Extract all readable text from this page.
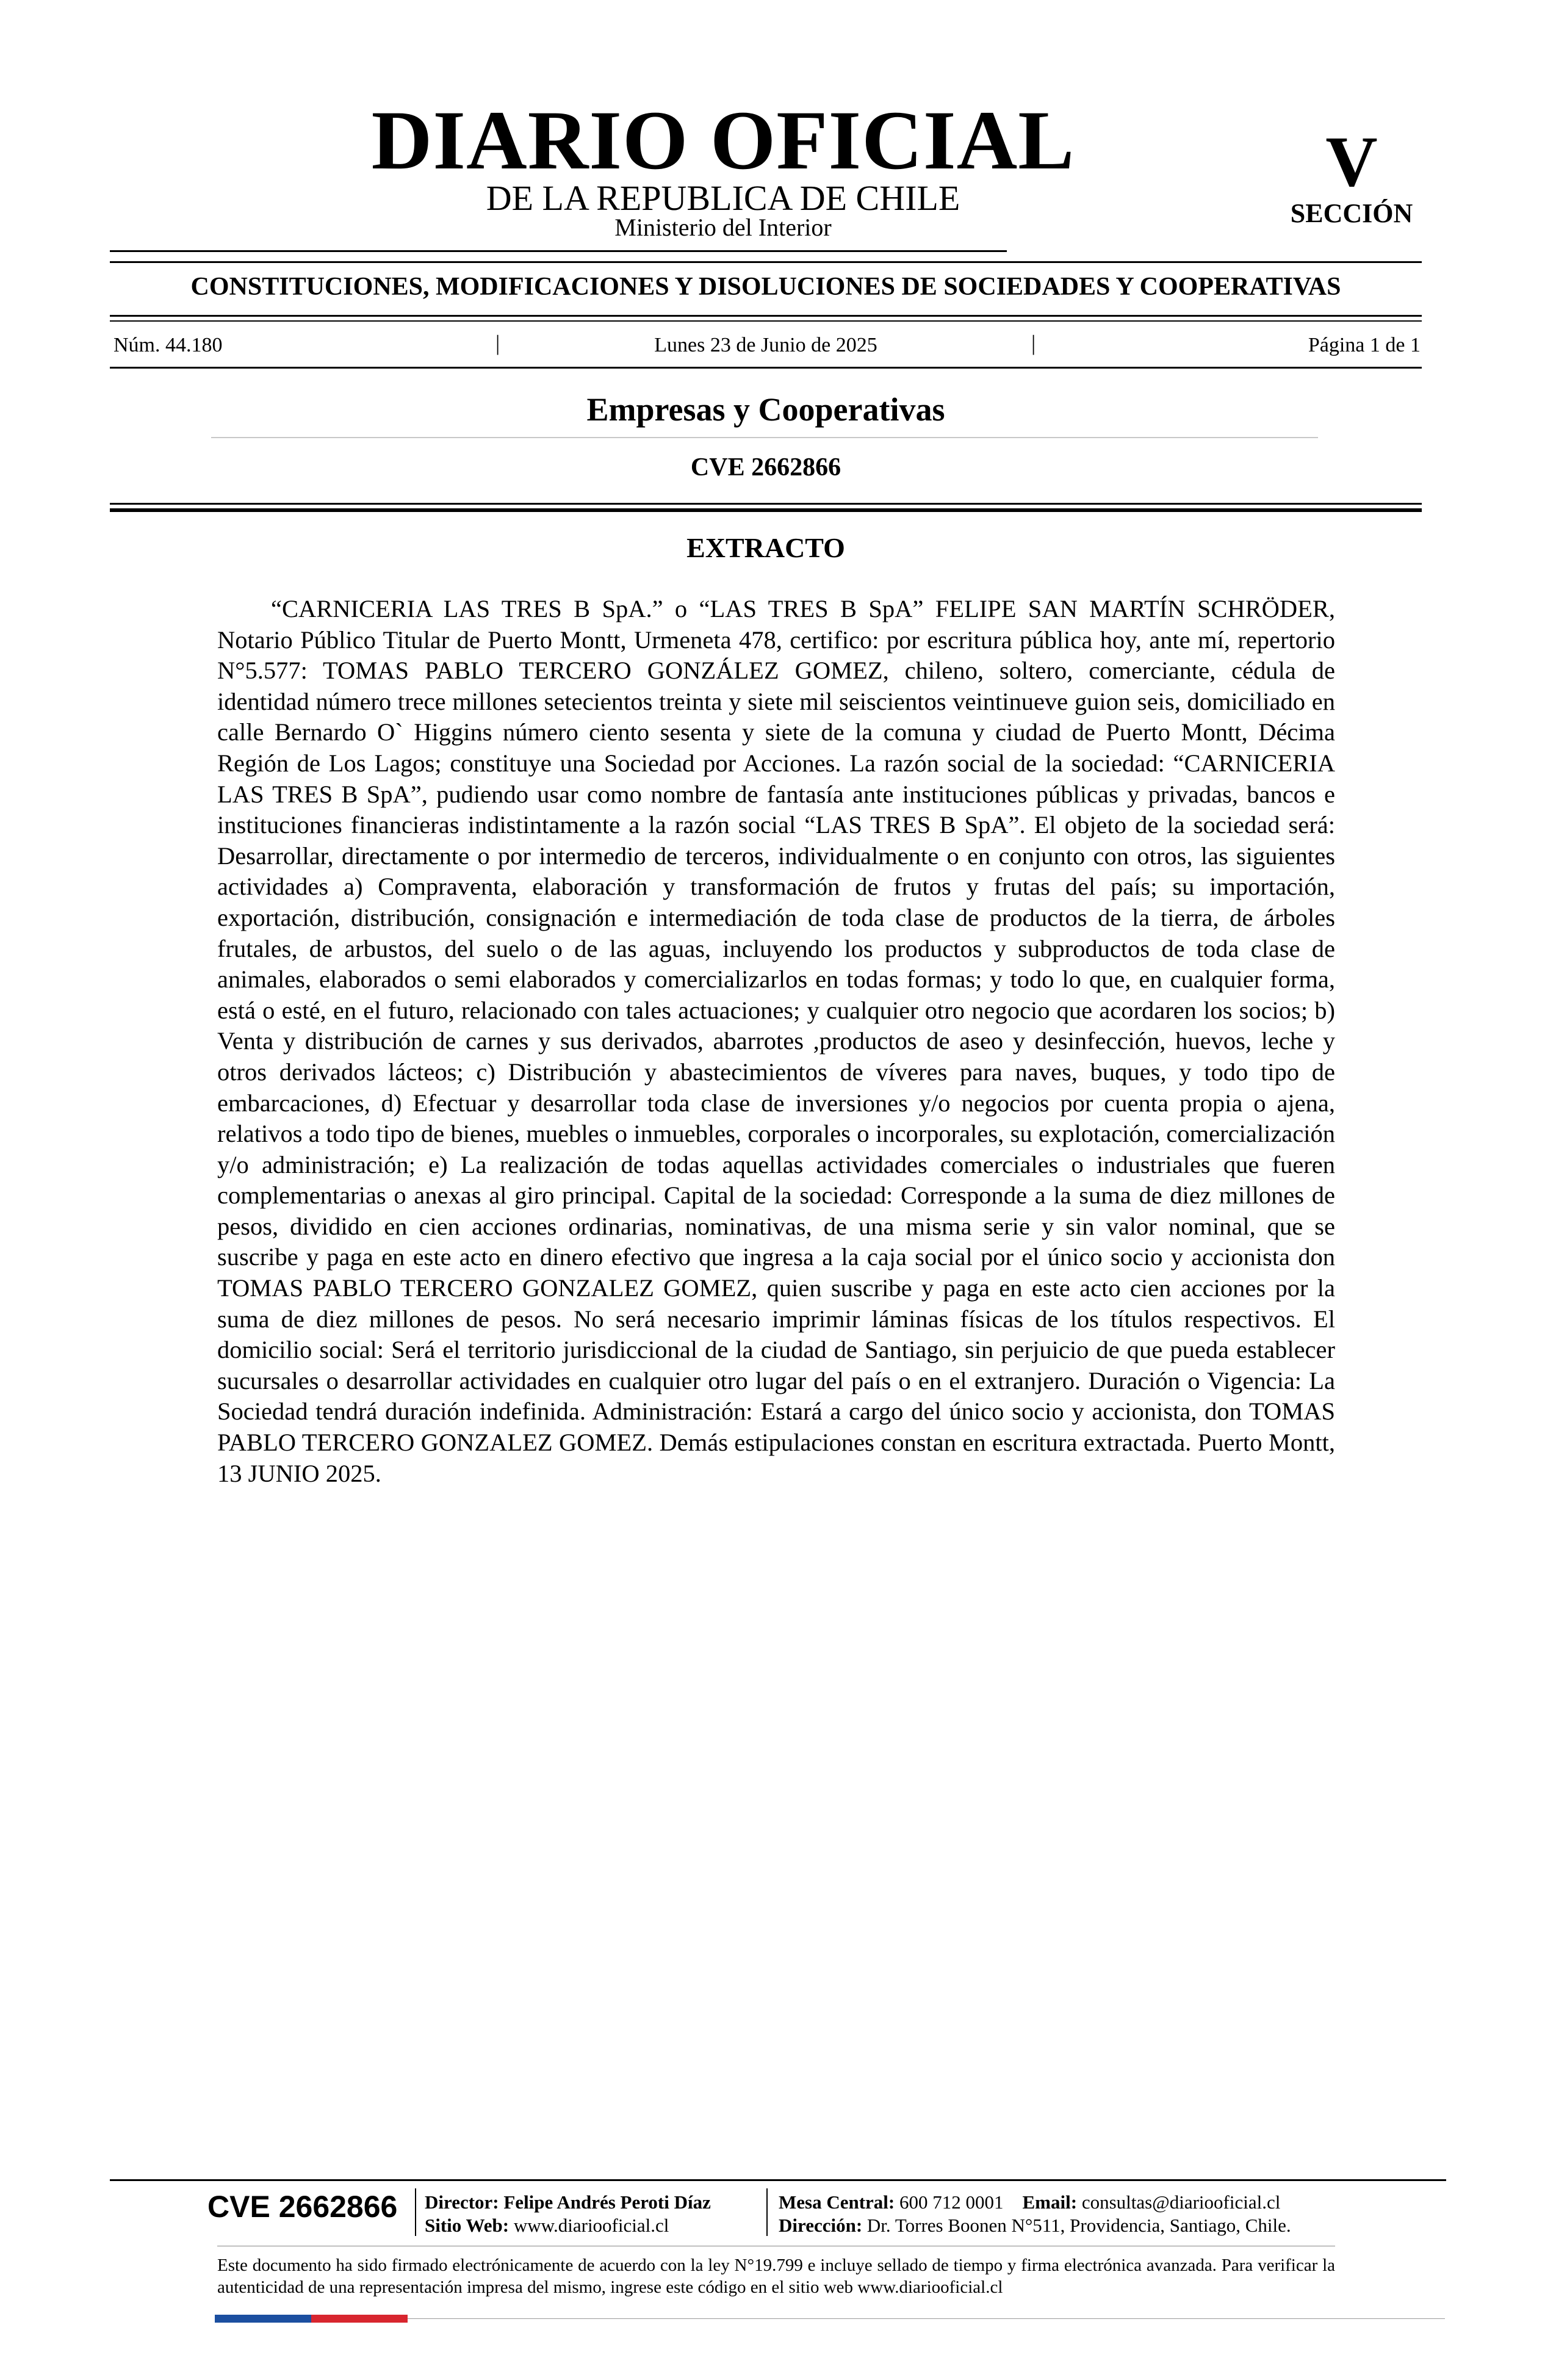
DIARIO OFICIAL
DE LA REPUBLICA DE CHILE
Ministerio del Interior
V
SECCIÓN
CONSTITUCIONES, MODIFICACIONES Y DISOLUCIONES DE SOCIEDADES Y COOPERATIVAS
Núm. 44.180	|	Lunes 23 de Junio de 2025	|	Página 1 de 1
Empresas y Cooperativas
CVE 2662866
EXTRACTO

“CARNICERIA LAS TRES B SpA.” o “LAS TRES B SpA” FELIPE SAN MARTÍN SCHRÖDER, Notario Público Titular de Puerto Montt, Urmeneta 478, certifico: por escritura pública hoy, ante mí, repertorio N°5.577: TOMAS PABLO TERCERO GONZÁLEZ GOMEZ, chileno, soltero, comerciante, cédula de identidad número trece millones setecientos treinta y siete mil seiscientos veintinueve guion seis, domiciliado en calle Bernardo O` Higgins número ciento sesenta y siete de la comuna y ciudad de Puerto Montt, Décima Región de Los Lagos; constituye una Sociedad por Acciones. La razón social de la sociedad: “CARNICERIA LAS TRES B SpA”, pudiendo usar como nombre de fantasía ante instituciones públicas y privadas, bancos e instituciones financieras indistintamente a la razón social “LAS TRES B SpA”. El objeto de la sociedad será: Desarrollar, directamente o por intermedio de terceros, individualmente o en conjunto con otros, las siguientes actividades a) Compraventa, elaboración y transformación de frutos y frutas del país; su importación, exportación, distribución, consignación e intermediación de toda clase de productos de la tierra, de árboles frutales, de arbustos, del suelo o de las aguas, incluyendo los productos y subproductos de toda clase de animales, elaborados o semi elaborados y comercializarlos en todas formas; y todo lo que, en cualquier forma, está o esté, en el futuro, relacionado con tales actuaciones; y cualquier otro negocio que acordaren los socios; b) Venta y distribución de carnes y sus derivados, abarrotes ,productos de aseo y desinfección, huevos, leche y otros derivados lácteos; c) Distribución y abastecimientos de víveres para naves, buques, y todo tipo de embarcaciones, d) Efectuar y desarrollar toda clase de inversiones y/o negocios por cuenta propia o ajena, relativos a todo tipo de bienes, muebles o inmuebles, corporales o incorporales, su explotación, comercialización y/o administración; e) La realización de todas aquellas actividades comerciales o industriales que fueren complementarias o anexas al giro principal. Capital de la sociedad: Corresponde a la suma de diez millones de pesos, dividido en cien acciones ordinarias, nominativas, de una misma serie y sin valor nominal, que se suscribe y paga en este acto en dinero efectivo que ingresa a la caja social por el único socio y accionista don TOMAS PABLO TERCERO GONZALEZ GOMEZ, quien suscribe y paga en este acto cien acciones por la suma de diez millones de pesos. No será necesario imprimir láminas físicas de los títulos respectivos. El domicilio social: Será el territorio jurisdiccional de la ciudad de Santiago, sin perjuicio de que pueda establecer sucursales o desarrollar actividades en cualquier otro lugar del país o en el extranjero. Duración o Vigencia: La Sociedad tendrá duración indefinida. Administración: Estará a cargo del único socio y accionista, don TOMAS PABLO TERCERO GONZALEZ GOMEZ. Demás estipulaciones constan en escritura extractada. Puerto Montt, 13 JUNIO 2025.

CVE 2662866 Director: Felipe Andrés Peroti Díaz
Sitio Web: www.diariooficial.cl
Mesa Central: 600 712 0001 Email: consultas@diariooficial.cl
Dirección: Dr. Torres Boonen N°511, Providencia, Santiago, Chile.
Este documento ha sido firmado electrónicamente de acuerdo con la ley N°19.799 e incluye sellado de tiempo y firma electrónica avanzada. Para verificar la autenticidad de una representación impresa del mismo, ingrese este código en el sitio web www.diariooficial.cl
